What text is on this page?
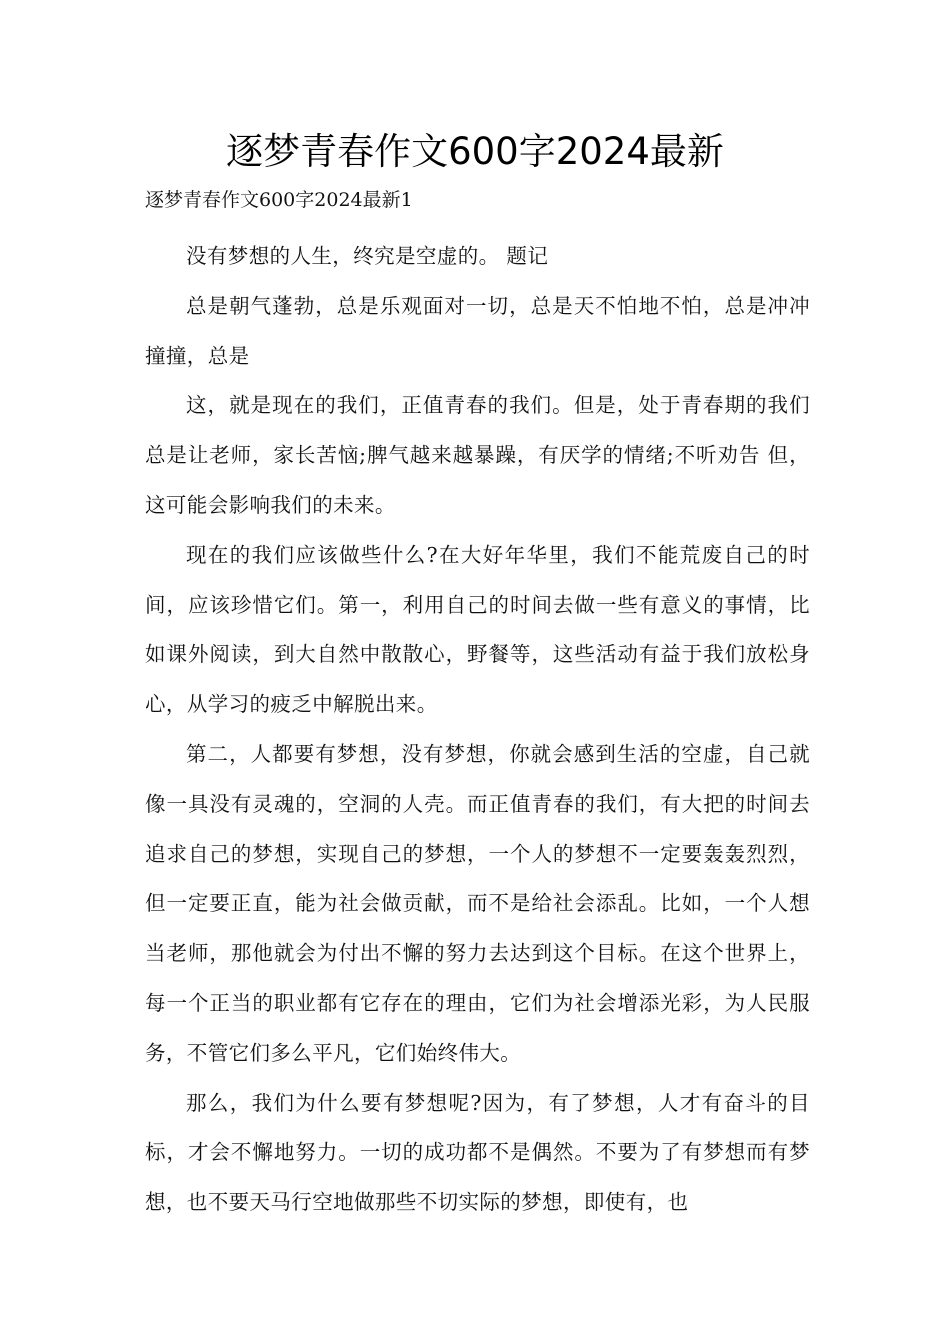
逐梦青春作文600字2024最新

逐梦青春作文600字2024最新1

没有梦想的人生，终究是空虚的。 题记

总是朝气蓬勃，总是乐观面对一切，总是天不怕地不怕，总是冲冲撞撞，总是

这，就是现在的我们，正值青春的我们。但是，处于青春期的我们总是让老师，家长苦恼;脾气越来越暴躁，有厌学的情绪;不听劝告 但，这可能会影响我们的未来。

现在的我们应该做些什么?在大好年华里，我们不能荒废自己的时间，应该珍惜它们。第一，利用自己的时间去做一些有意义的事情，比如课外阅读，到大自然中散散心，野餐等，这些活动有益于我们放松身心，从学习的疲乏中解脱出来。

第二，人都要有梦想，没有梦想，你就会感到生活的空虚，自己就像一具没有灵魂的，空洞的人壳。而正值青春的我们，有大把的时间去追求自己的梦想，实现自己的梦想，一个人的梦想不一定要轰轰烈烈，但一定要正直，能为社会做贡献，而不是给社会添乱。比如，一个人想当老师，那他就会为付出不懈的努力去达到这个目标。在这个世界上，每一个正当的职业都有它存在的理由，它们为社会增添光彩，为人民服务，不管它们多么平凡，它们始终伟大。

那么，我们为什么要有梦想呢?因为，有了梦想，人才有奋斗的目标，才会不懈地努力。一切的成功都不是偶然。不要为了有梦想而有梦想，也不要天马行空地做那些不切实际的梦想，即使有，也
